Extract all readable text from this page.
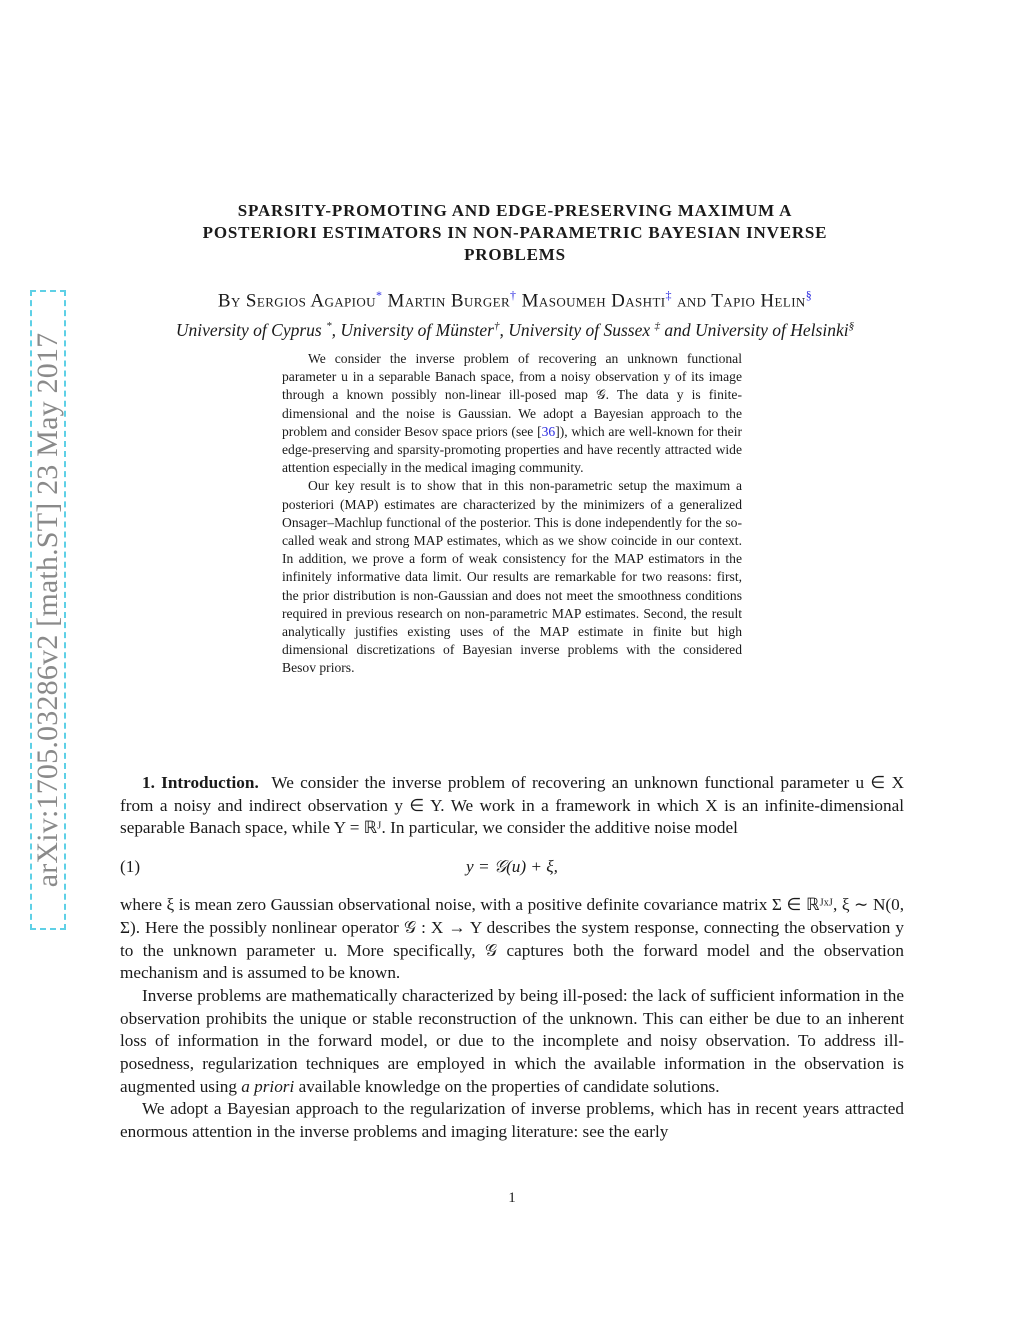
arXiv:1705.03286v2 [math.ST] 23 May 2017
SPARSITY-PROMOTING AND EDGE-PRESERVING MAXIMUM A
POSTERIORI ESTIMATORS IN NON-PARAMETRIC BAYESIAN INVERSE
PROBLEMS
By Sergios Agapiou* Martin Burger† Masoumeh Dashti‡ and Tapio Helin§
University of Cyprus *, University of Münster†, University of Sussex ‡ and University of Helsinki§

We consider the inverse problem of recovering an unknown functional parameter u in a separable Banach space, from a noisy observation y of its image through a known possibly non-linear ill-posed map 𝒢. The data y is finite-dimensional and the noise is Gaussian. We adopt a Bayesian approach to the problem and consider Besov space priors (see [36]), which are well-known for their edge-preserving and sparsity-promoting properties and have recently attracted wide attention especially in the medical imaging community.

Our key result is to show that in this non-parametric setup the maximum a posteriori (MAP) estimates are characterized by the minimizers of a generalized Onsager–Machlup functional of the posterior. This is done independently for the so-called weak and strong MAP estimates, which as we show coincide in our context. In addition, we prove a form of weak consistency for the MAP estimators in the infinitely informative data limit. Our results are remarkable for two reasons: first, the prior distribution is non-Gaussian and does not meet the smoothness conditions required in previous research on non-parametric MAP estimates. Second, the result analytically justifies existing uses of the MAP estimate in finite but high dimensional discretizations of Bayesian inverse problems with the considered Besov priors.

1. Introduction. We consider the inverse problem of recovering an unknown functional parameter u ∈ X from a noisy and indirect observation y ∈ Y. We work in a framework in which X is an infinite-dimensional separable Banach space, while Y = ℝᴶ. In particular, we consider the additive noise model

(1)	y = 𝒢(u) + ξ,

where ξ is mean zero Gaussian observational noise, with a positive definite covariance matrix Σ ∈ ℝᴶˣᴶ, ξ ∼ N(0, Σ). Here the possibly nonlinear operator 𝒢 : X → Y describes the system response, connecting the observation y to the unknown parameter u. More specifically, 𝒢 captures both the forward model and the observation mechanism and is assumed to be known.

Inverse problems are mathematically characterized by being ill-posed: the lack of sufficient information in the observation prohibits the unique or stable reconstruction of the unknown. This can either be due to an inherent loss of information in the forward model, or due to the incomplete and noisy observation. To address ill-posedness, regularization techniques are employed in which the available information in the observation is augmented using a priori available knowledge on the properties of candidate solutions.

We adopt a Bayesian approach to the regularization of inverse problems, which has in recent years attracted enormous attention in the inverse problems and imaging literature: see the early

1
